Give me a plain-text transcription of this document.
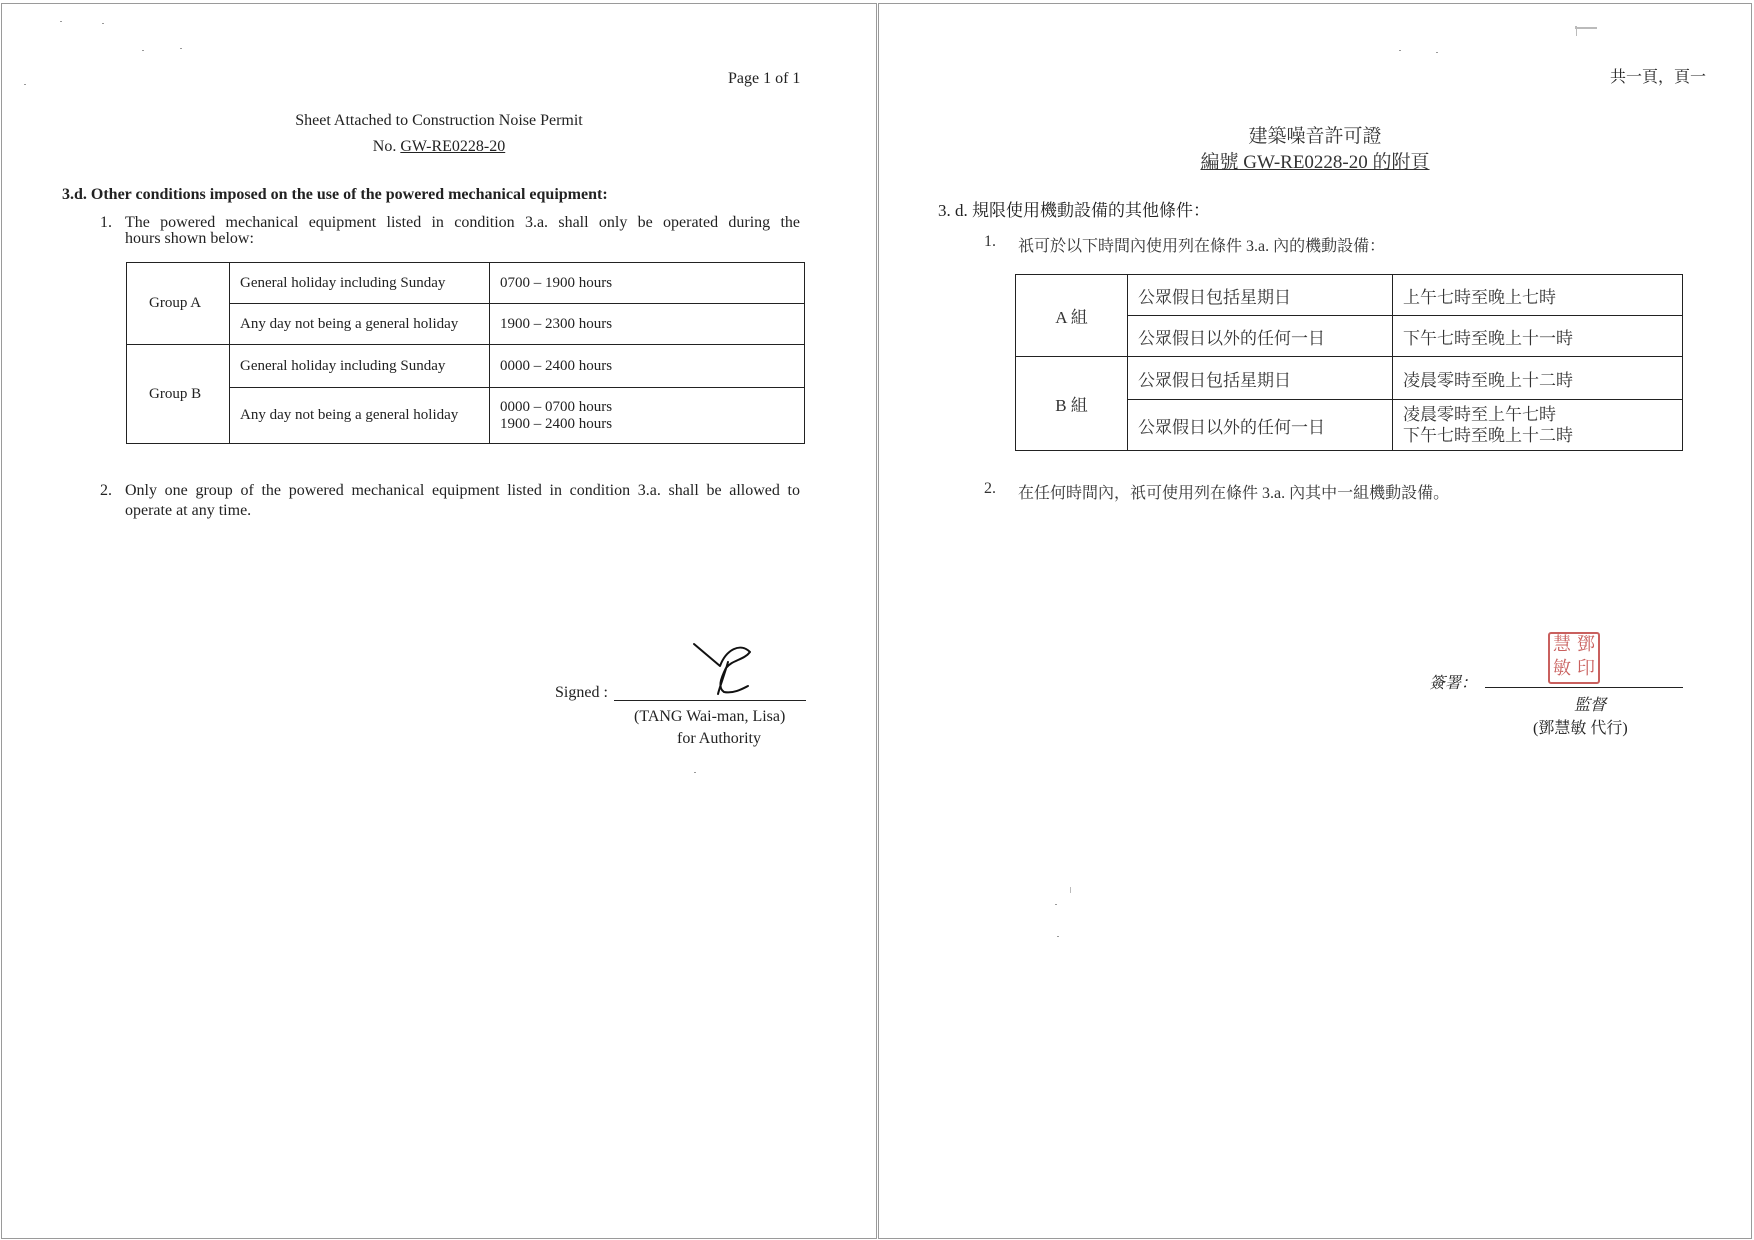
Page 1 of 1
Sheet Attached to Construction Noise Permit
No. GW-RE0228-20
3.d. Other conditions imposed on the use of the powered mechanical equipment:
1. The powered mechanical equipment listed in condition 3.a. shall only be operated during the
hours shown below:
Group A	General holiday including Sunday	0700 – 1900 hours
	Any day not being a general holiday	1900 – 2300 hours
Group B	General holiday including Sunday	0000 – 2400 hours
	Any day not being a general holiday	0000 – 0700 hours
1900 – 2400 hours
2. Only one group of the powered mechanical equipment listed in condition 3.a. shall be allowed to
operate at any time.
Signed :
(TANG Wai-man, Lisa)
for Authority
共一頁，頁一
建築噪音許可證
編號 GW-RE0228-20 的附頁
3. d. 規限使用機動設備的其他條件：
1. 祇可於以下時間內使用列在條件 3.a. 內的機動設備：
A 組	公眾假日包括星期日	上午七時至晚上七時
	公眾假日以外的任何一日	下午七時至晚上十一時
B 組	公眾假日包括星期日	凌晨零時至晚上十二時
	公眾假日以外的任何一日	凌晨零時至上午七時
下午七時至晚上十二時
2. 在任何時間內，祇可使用列在條件 3.a. 內其中一組機動設備。
簽署：
慧 鄧
敏 印
監督
(鄧慧敏 代行)
